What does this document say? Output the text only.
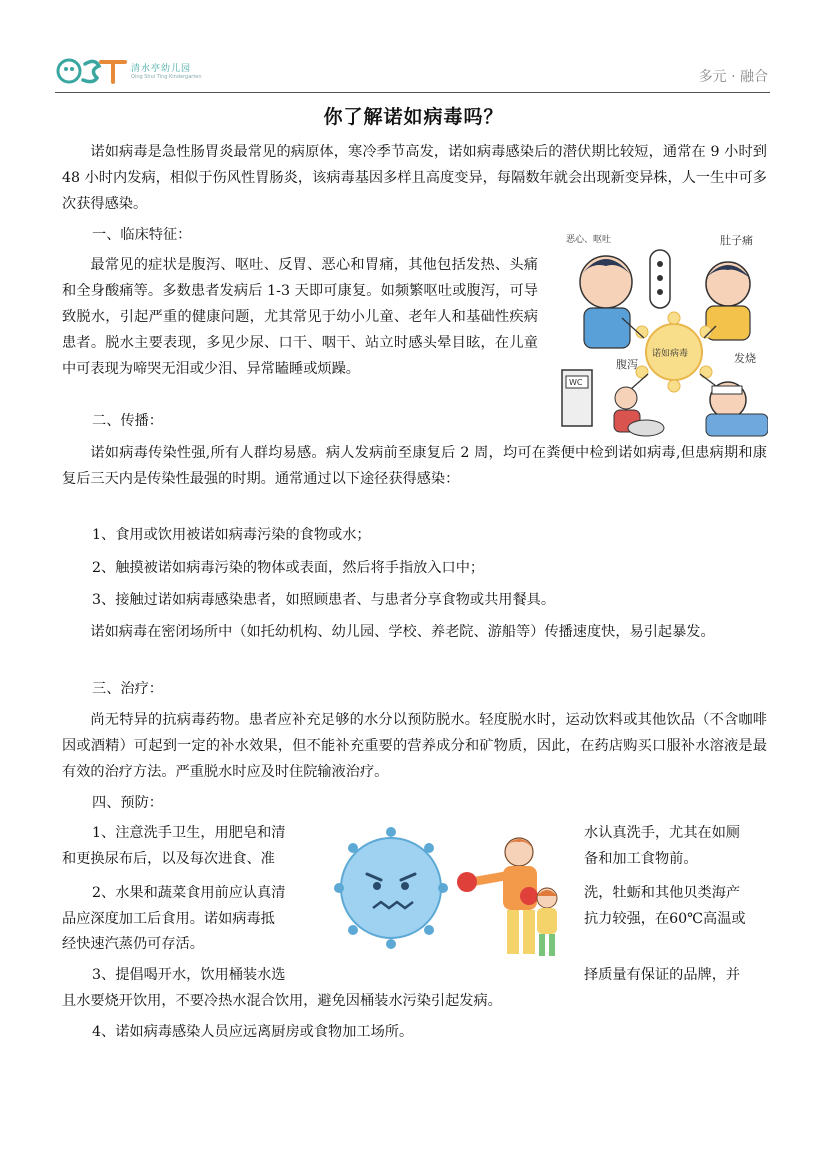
清水亭幼儿园
Qing Shui Ting Kindergarten	多元 · 融合
你了解诺如病毒吗？

诺如病毒是急性肠胃炎最常见的病原体，寒冷季节高发，诺如病毒感染后的潜伏期比较短，通常在 9 小时到 48 小时内发病，相似于伤风性胃肠炎，该病毒基因多样且高度变异，每隔数年就会出现新变异株，人一生中可多次获得感染。

一、临床特征：

最常见的症状是腹泻、呕吐、反胃、恶心和胃痛，其他包括发热、头痛和全身酸痛等。多数患者发病后 1-3 天即可康复。如频繁呕吐或腹泻，可导致脱水，引起严重的健康问题，尤其常见于幼小儿童、老年人和基础性疾病患者。脱水主要表现，多见少尿、口干、咽干、站立时感头晕目眩，在儿童中可表现为啼哭无泪或少泪、异常瞌睡或烦躁。

恶心、呕吐	肚子痛
诺如病毒
腹泻
WC
发烧

二、传播：

诺如病毒传染性强,所有人群均易感。病人发病前至康复后 2 周，均可在粪便中检到诺如病毒,但患病期和康复后三天内是传染性最强的时期。通常通过以下途径获得感染：

1、食用或饮用被诺如病毒污染的食物或水；

2、触摸被诺如病毒污染的物体或表面，然后将手指放入口中；

3、接触过诺如病毒感染患者，如照顾患者、与患者分享食物或共用餐具。

诺如病毒在密闭场所中（如托幼机构、幼儿园、学校、养老院、游船等）传播速度快，易引起暴发。

三、治疗：

尚无特异的抗病毒药物。患者应补充足够的水分以预防脱水。轻度脱水时，运动饮料或其他饮品（不含咖啡因或酒精）可起到一定的补水效果，但不能补充重要的营养成分和矿物质，因此，在药店购买口服补水溶液是最有效的治疗方法。严重脱水时应及时住院输液治疗。

四、预防：

1、注意洗手卫生，用肥皂和清	水认真洗手，尤其在如厕

和更换尿布后，以及每次进食、准	备和加工食物前。

2、水果和蔬菜食用前应认真清	洗，牡蛎和其他贝类海产

品应深度加工后食用。诺如病毒抵	抗力较强，在60℃高温或

经快速汽蒸仍可存活。

3、提倡喝开水，饮用桶装水选	择质量有保证的品牌，并

且水要烧开饮用，不要冷热水混合饮用，避免因桶装水污染引起发病。

4、诺如病毒感染人员应远离厨房或食物加工场所。
